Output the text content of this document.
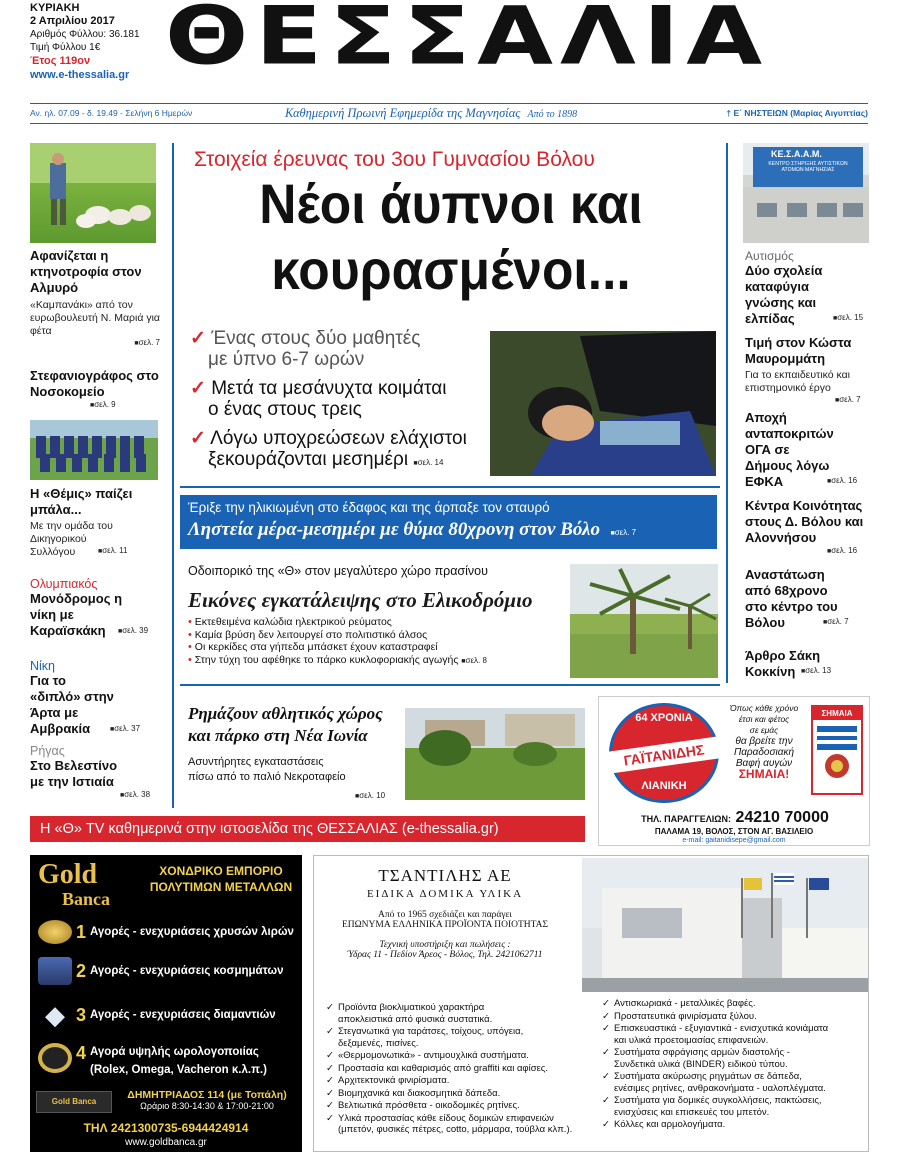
ΚΥΡΙΑΚΗ
2 Απριλίου 2017
Αριθμός Φύλλου: 36.181
Τιμή Φύλλου 1€
Έτος 119ον
www.e-thessalia.gr ΘΕΣΣΑΛΙΑ
Αν. ηλ. 07.09 - δ. 19.49 - Σελήνη 6 Ημερών	Καθημερινή Πρωινή Εφημερίδα της Μαγνησίας Από το 1898	† Ε΄ ΝΗΣΤΕΙΩΝ (Μαρίας Αιγυπτίας)
Αφανίζεται η κτηνοτροφία στον Αλμυρό
«Καμπανάκι» από τον ευρωβουλευτή Ν. Μαριά για φέτα
■ σελ. 7
Στεφανιογράφος στο Νοσοκομείο
■ σελ. 9
Η «Θέμις» παίζει μπάλα...
Με την ομάδα του Δικηγορικού Συλλόγου	■ σελ. 11
Ολυμπιακός
Μονόδρομος η νίκη με Καραϊσκάκη	■ σελ. 39
Νίκη
Για το «διπλό» στην Άρτα με Αμβρακία	■ σελ. 37
Ρήγας
Στο Βελεστίνο με την Ιστιαία
■ σελ. 38
Στοιχεία έρευνας του 3ου Γυμνασίου Βόλου
Νέοι άυπνοι και
κουρασμένοι...
✓ Ένας στους δύο μαθητές
με ύπνο 6-7 ωρών
✓ Μετά τα μεσάνυχτα κοιμάται
ο ένας στους τρεις
✓ Λόγω υποχρεώσεων ελάχιστοι
ξεκουράζονται μεσημέρι ■ σελ. 14
Έριξε την ηλικιωμένη στο έδαφος και της άρπαξε τον σταυρό
Ληστεία μέρα-μεσημέρι με θύμα 80χρονη στον Βόλο ■ σελ. 7
Οδοιπορικό της «Θ» στον μεγαλύτερο χώρο πρασίνου
Εικόνες εγκατάλειψης στο Ελικοδρόμιο
• Εκτεθειμένα καλώδια ηλεκτρικού ρεύματος
• Καμία βρύση δεν λειτουργεί στο πολιτιστικό άλσος
• Οι κερκίδες στα γήπεδα μπάσκετ έχουν καταστραφεί
• Στην τύχη του αφέθηκε το πάρκο κυκλοφοριακής αγωγής ■ σελ. 8
Ρημάζουν αθλητικός χώρος
και πάρκο στη Νέα Ιωνία
Ασυντήρητες εγκαταστάσεις
πίσω από το παλιό Νεκροταφείο
■ σελ. 10
ΚΕ.Σ.Α.Α.Μ.
ΚΕΝΤΡΟ ΣΤΗΡΙΞΗΣ ΑΥΤΙΣΤΙΚΩΝ ΑΤΟΜΩΝ ΜΑΓΝΗΣΙΑΣ
Αυτισμός
Δύο σχολεία καταφύγια γνώσης και ελπίδας	■ σελ. 15
Τιμή στον Κώστα Μαυρομμάτη
Για το εκπαιδευτικό και επιστημονικό έργο
■ σελ. 7
Αποχή ανταποκριτών ΟΓΑ σε Δήμους λόγω ΕΦΚΑ	■ σελ. 16
Κέντρα Κοινότητας στους Δ. Βόλου και Αλοννήσου
■ σελ. 16
Αναστάτωση από 68χρονο στο κέντρο του Βόλου	■ σελ. 7
Άρθρο Σάκη Κοκκίνη	■ σελ. 13
64 ΧΡΟΝΙΑ
ΓΑΪΤΑΝΙΔΗΣ
ΛΙΑΝΙΚΗ
Όπως κάθε χρόνο
έτσι και φέτος
σε εμάς
θα βρείτε την
Παραδοσιακή
Βαφή αυγών
ΣΗΜΑΙΑ!
ΣΗΜΑΙΑ
ΤΗΛ. ΠΑΡΑΓΓΕΛΙΩΝ: 24210 70000
ΠΑΛΑΜΑ 19, ΒΟΛΟΣ, ΣΤΟΝ ΑΓ. ΒΑΣΙΛΕΙΟ
e-mail: gaitanidisepe@gmail.com
Η «Θ» TV καθημερινά στην ιστοσελίδα της ΘΕΣΣΑΛΙΑΣ (e-thessalia.gr)
Gold
Banca
ΧΟΝΔΡΙΚΟ ΕΜΠΟΡΙΟ
ΠΟΛΥΤΙΜΩΝ ΜΕΤΑΛΛΩΝ
1 Αγορές - ενεχυριάσεις χρυσών λιρών
2 Αγορές - ενεχυριάσεις κοσμημάτων
◆ 3 Αγορές - ενεχυριάσεις διαμαντιών
4 Αγορά υψηλής ωρολογοποιίας
(Rolex, Omega, Vacheron κ.λ.π.)
Gold Banca
ΔΗΜΗΤΡΙΑΔΟΣ 114 (με Τοπάλη)
Ωράριο 8:30-14:30 & 17:00-21:00
ΤΗΛ 2421300735-6944424914
www.goldbanca.gr
ΤΣΑΝΤΙΛΗΣ ΑΕ
ΕΙΔΙΚΑ ΔΟΜΙΚΑ ΥΛΙΚΑ
Από το 1965 σχεδιάζει και παράγει
ΕΠΩΝΥΜΑ ΕΛΛΗΝΙΚΑ ΠΡΟΪΟΝΤΑ ΠΟΙΟΤΗΤΑΣ
Τεχνική υποστήριξη και πωλήσεις :
Ύδρας 11 - Πεδίον Άρεος - Βόλος, Τηλ. 2421062711
✓ Προϊόντα βιοκλιματικού χαρακτήρα
αποκλειστικά από φυσικά συστατικά.
✓ Στεγανωτικά για ταράτσες, τοίχους, υπόγεια,
δεξαμενές, πισίνες.
✓ «Θερμομονωτικά» - αντιμουχλικά συστήματα.
✓ Προστασία και καθαρισμός από graffiti και αφίσες.
✓ Αρχιτεκτονικά φινιρίσματα.
✓ Βιομηχανικά και διακοσμητικά δάπεδα.
✓ Βελτιωτικά πρόσθετα - οικοδομικές ρητίνες.
✓ Υλικά προστασίας κάθε είδους δομικών επιφανειών
(μπετόν, φυσικές πέτρες, cotto, μάρμαρα, τούβλα κλπ.).
✓ Αντισκωριακά - μεταλλικές βαφές.
✓ Προστατευτικά φινιρίσματα ξύλου.
✓ Επισκευαστικά - εξυγιαντικά - ενισχυτικά κονιάματα
και υλικά προετοιμασίας επιφανειών.
✓ Συστήματα σφράγισης αρμών διαστολής -
Συνδετικά υλικά (BINDER) ειδικού τύπου.
✓ Συστήματα ακύρωσης ρηγμάτων σε δάπεδα,
ενέσιμες ρητίνες, ανθρακονήματα - υαλοπλέγματα.
✓ Συστήματα για δομικές συγκολλήσεις, πακτώσεις,
ενισχύσεις και επισκευές του μπετόν.
✓ Κόλλες και αρμολογήματα.
